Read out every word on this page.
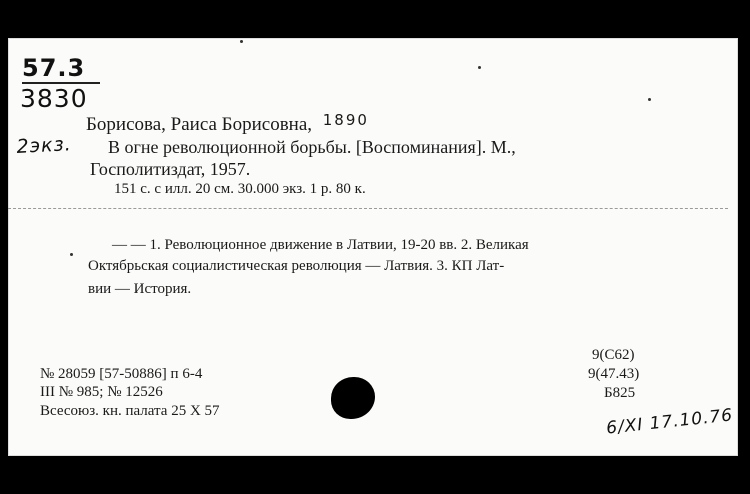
57.3
3830
2экз.
Борисова, Раиса Борисовна, $^{1890}$
В огне революционной борьбы. [Воспоминания]. М.,
Госполитиздат, 1957.
151 с. с илл. 20 см. 30.000 экз. 1 р. 80 к.
— — 1. Революционное движение в Латвии, 19-20 вв. 2. Великая
Октябрьская социалистическая революция — Латвия. 3. КП Лат-
вии — История.
9(С62)
9(47.43)
Б825
№ 28059 [57-50886] п 6-4
III № 985; № 12526
Всесоюз. кн. палата 25 X 57	6/XI 17.10.76
